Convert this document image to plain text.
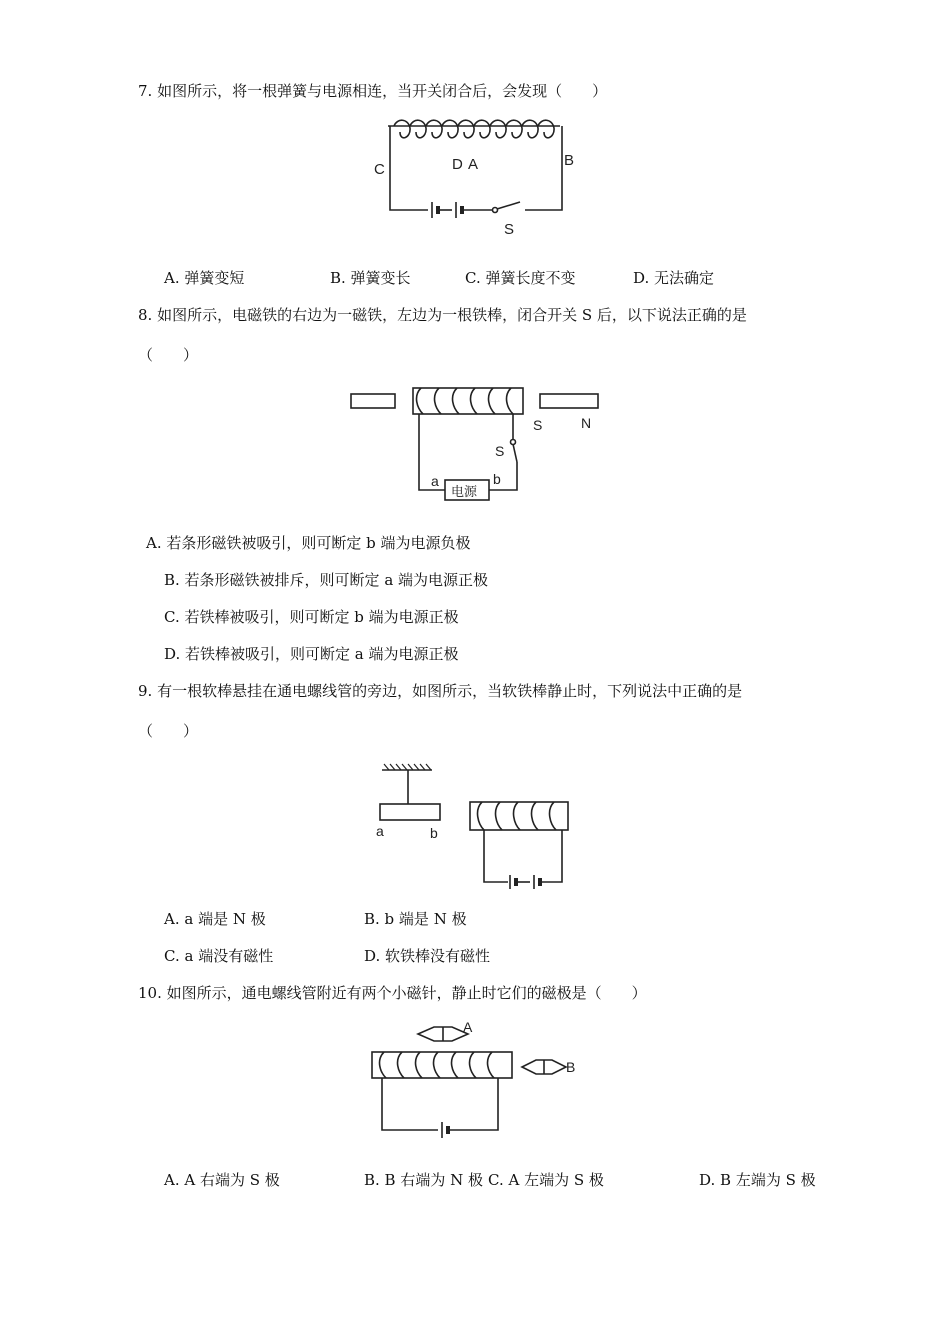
7. 如图所示，将一根弹簧与电源相连，当开关闭合后，会发现（　　）
C	D A	B
S
A. 弹簧变短	B. 弹簧变长	C. 弹簧长度不变	D. 无法确定
8. 如图所示，电磁铁的右边为一磁铁，左边为一根铁棒，闭合开关 S 后，以下说法正确的是
（　　）
S	N
S
a	b
电源
A. 若条形磁铁被吸引，则可断定 b 端为电源负极
B. 若条形磁铁被排斥，则可断定 a 端为电源正极
C. 若铁棒被吸引，则可断定 b 端为电源正极
D. 若铁棒被吸引，则可断定 a 端为电源正极
9. 有一根软棒悬挂在通电螺线管的旁边，如图所示，当软铁棒静止时，下列说法中正确的是
（　　）
a	b
A. a 端是 N 极	B. b 端是 N 极
C. a 端没有磁性	D. 软铁棒没有磁性
10. 如图所示，通电螺线管附近有两个小磁针，静止时它们的磁极是（　　）
A
B
A. A 右端为 S 极	B. B 右端为 N 极 C. A 左端为 S 极	D. B 左端为 S 极
